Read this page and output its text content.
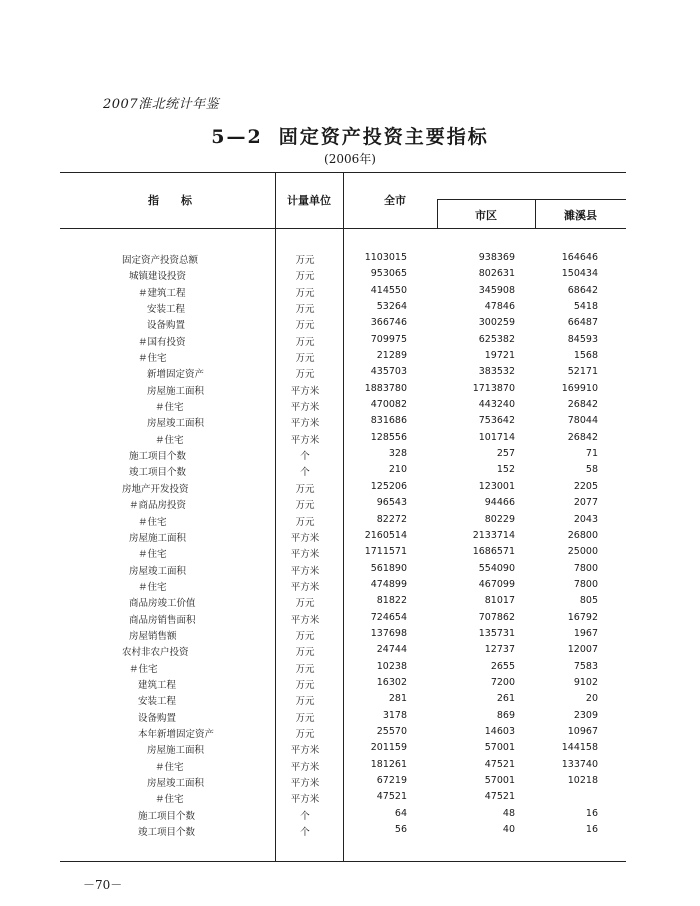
2007淮北统计年鉴
5—2 固定资产投资主要指标
(2006年)
指　　标	计量单位	全市
市区	濉溪县
固定资产投资总额	万元	1103015	938369	164646
城镇建设投资	万元	953065	802631	150434
＃建筑工程	万元	414550	345908	68642
安装工程	万元	53264	47846	5418
设备购置	万元	366746	300259	66487
＃国有投资	万元	709975	625382	84593
＃住宅	万元	21289	19721	1568
新增固定资产	万元	435703	383532	52171
房屋施工面积	平方米	1883780	1713870	169910
＃住宅	平方米	470082	443240	26842
房屋竣工面积	平方米	831686	753642	78044
＃住宅	平方米	128556	101714	26842
施工项目个数	个	328	257	71
竣工项目个数	个	210	152	58
房地产开发投资	万元	125206	123001	2205
＃商品房投资	万元	96543	94466	2077
＃住宅	万元	82272	80229	2043
房屋施工面积	平方米	2160514	2133714	26800
＃住宅	平方米	1711571	1686571	25000
房屋竣工面积	平方米	561890	554090	7800
＃住宅	平方米	474899	467099	7800
商品房竣工价值	万元	81822	81017	805
商品房销售面积	平方米	724654	707862	16792
房屋销售额	万元	137698	135731	1967
农村非农户投资	万元	24744	12737	12007
＃住宅	万元	10238	2655	7583
建筑工程	万元	16302	7200	9102
安装工程	万元	281	261	20
设备购置	万元	3178	869	2309
本年新增固定资产	万元	25570	14603	10967
房屋施工面积	平方米	201159	57001	144158
＃住宅	平方米	181261	47521	133740
房屋竣工面积	平方米	67219	57001	10218
＃住宅	平方米	47521	47521
施工项目个数	个	64	48	16
竣工项目个数	个	56	40	16
－70－
